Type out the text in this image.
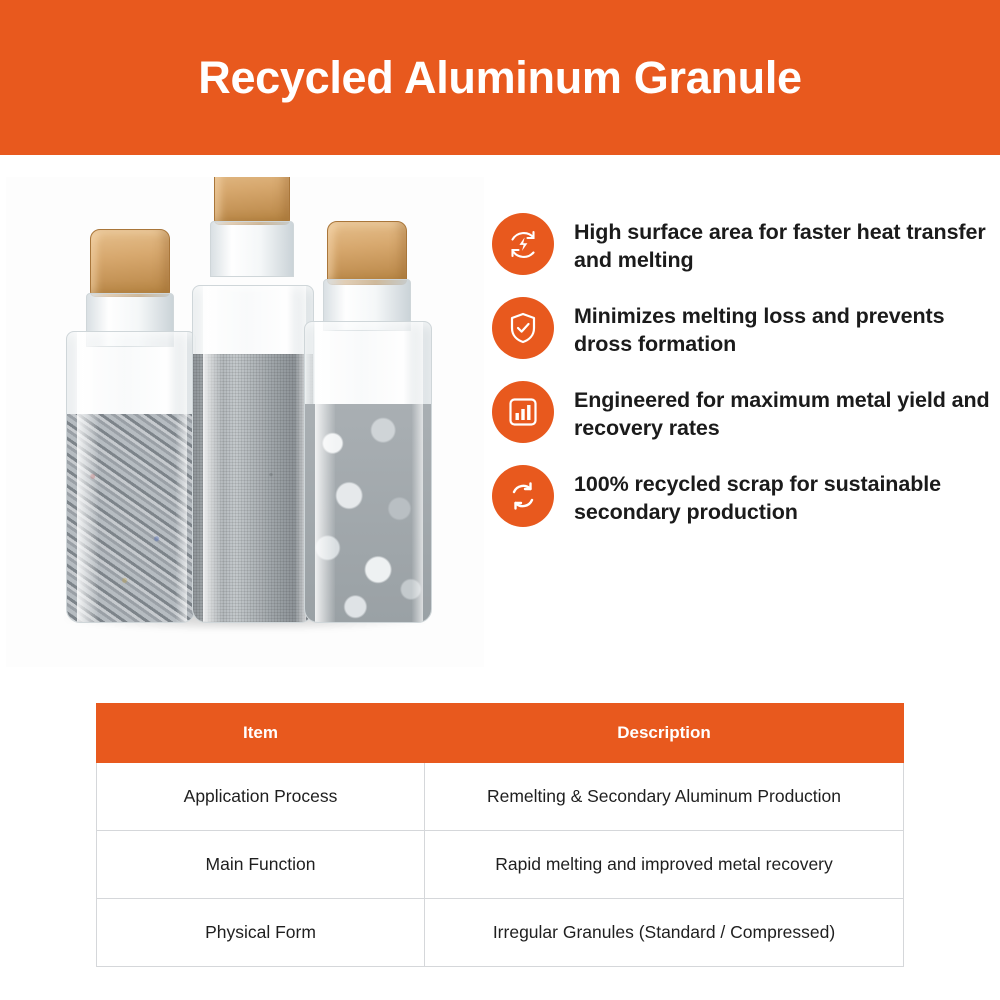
Recycled Aluminum Granule
High surface area for faster heat transfer and melting
Minimizes melting loss and prevents dross formation
Engineered for maximum metal yield and recovery rates
100% recycled scrap for sustainable secondary production
Item	Description
Application Process	Remelting & Secondary Aluminum Production
Main Function	Rapid melting and improved metal recovery
Physical Form	Irregular Granules (Standard / Compressed)
